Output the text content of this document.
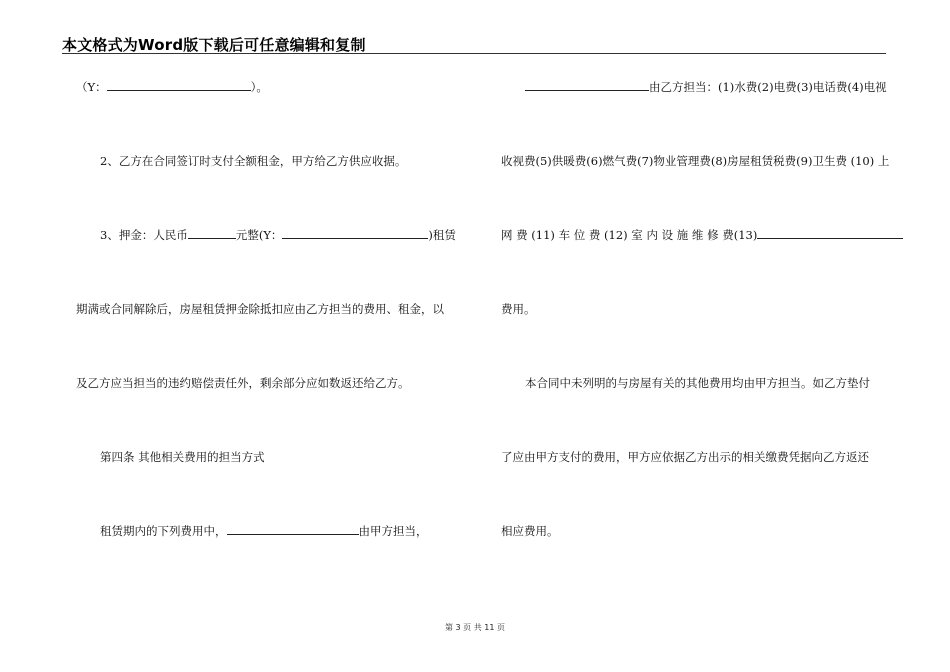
本文格式为Word版下载后可任意编辑和复制
（Y：	）。
2、乙方在合同签订时支付全额租金，甲方给乙方供应收据。
3、押金：人民币	元整(Y：	)租赁
期满或合同解除后，房屋租赁押金除抵扣应由乙方担当的费用、租金，以
及乙方应当担当的违约赔偿责任外，剩余部分应如数返还给乙方。
第四条 其他相关费用的担当方式
租赁期内的下列费用中，	由甲方担当，
由乙方担当：(1)水费(2)电费(3)电话费(4)电视
收视费(5)供暖费(6)燃气费(7)物业管理费(8)房屋租赁税费(9)卫生费 (10) 上
网 费 (11) 车 位 费 (12) 室 内 设 施 维 修 费(13)
费用。
本合同中未列明的与房屋有关的其他费用均由甲方担当。如乙方垫付
了应由甲方支付的费用，甲方应依据乙方出示的相关缴费凭据向乙方返还
相应费用。
第 3 页 共 11 页
